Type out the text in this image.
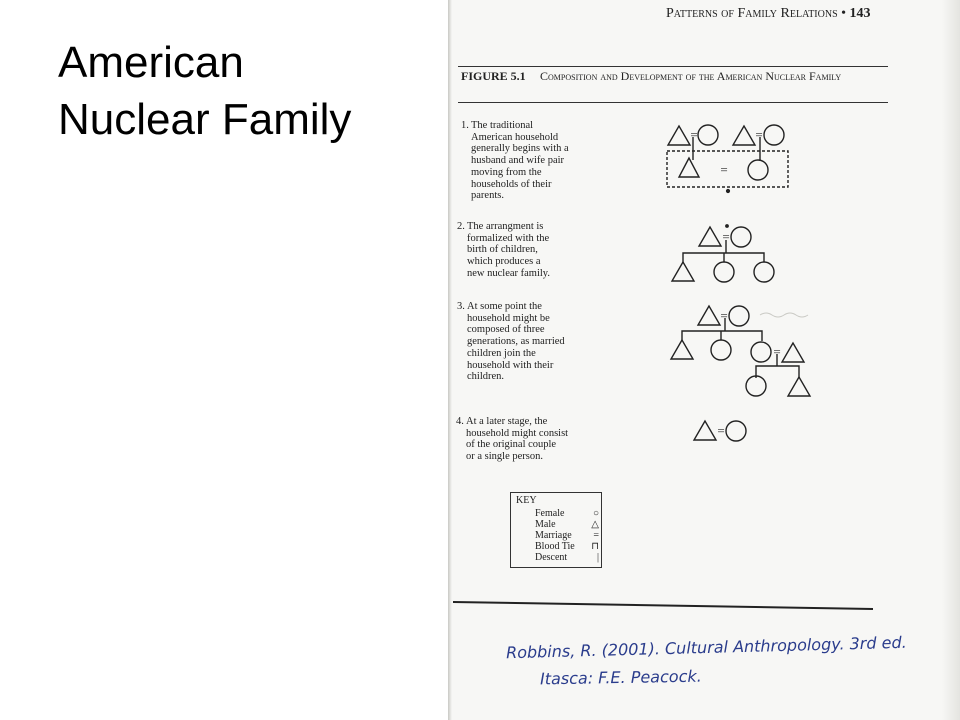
American
Nuclear Family
Patterns of Family Relations • 143
FIGURE 5.1 Composition and Development of the American Nuclear Family
1. The traditional
American household
generally begins with a
husband and wife pair
moving from the
households of their
parents.
2. The arrangment is
formalized with the
birth of children,
which produces a
new nuclear family.
3. At some point the
household might be
composed of three
generations, as married
children join the
household with their
children.
4. At a later stage, the
household might consist
of the original couple
or a single person.
=	=
=
=
=
=
=
KEY
Female	○
Male	△
Marriage =
Blood Tie ⊓
Descent	|
Robbins, R. (2001). Cultural Anthropology. 3rd ed.
Itasca: F.E. Peacock.
